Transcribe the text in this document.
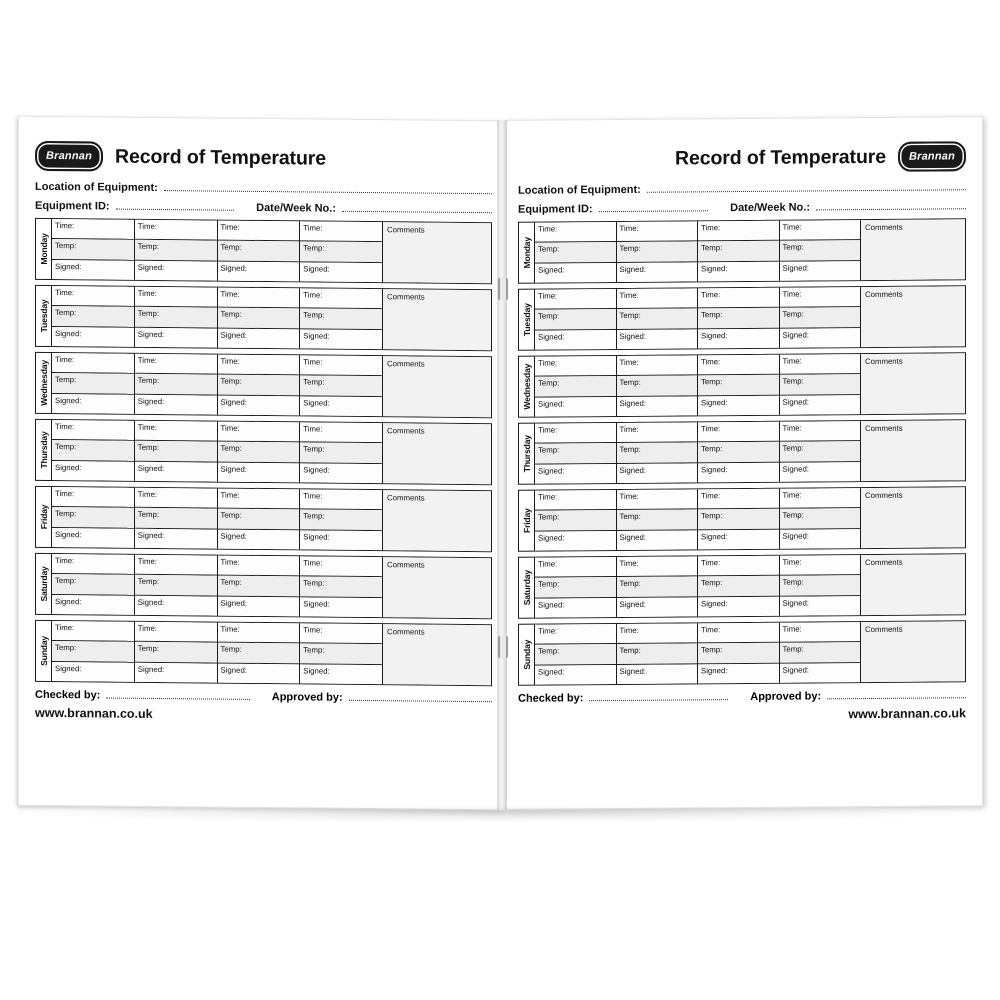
Brannan	Record of Temperature
Location of Equipment:
Equipment ID:	Date/Week No.:
Monday
Time:
Temp:
Signed:
Time:
Temp:
Signed:
Time:
Temp:
Signed:
Time:
Temp:
Signed:
Comments
Tuesday
Time:
Temp:
Signed:
Time:
Temp:
Signed:
Time:
Temp:
Signed:
Time:
Temp:
Signed:
Comments
Wednesday
Time:
Temp:
Signed:
Time:
Temp:
Signed:
Time:
Temp:
Signed:
Time:
Temp:
Signed:
Comments
Thursday
Time:
Temp:
Signed:
Time:
Temp:
Signed:
Time:
Temp:
Signed:
Time:
Temp:
Signed:
Comments
Friday
Time:
Temp:
Signed:
Time:
Temp:
Signed:
Time:
Temp:
Signed:
Time:
Temp:
Signed:
Comments
Saturday
Time:
Temp:
Signed:
Time:
Temp:
Signed:
Time:
Temp:
Signed:
Time:
Temp:
Signed:
Comments
Sunday
Time:
Temp:
Signed:
Time:
Temp:
Signed:
Time:
Temp:
Signed:
Time:
Temp:
Signed:
Comments
Checked by:	Approved by:
www.brannan.co.uk
Record of Temperature	Brannan
Location of Equipment:
Equipment ID:	Date/Week No.:
Monday
Time:
Temp:
Signed:
Time:
Temp:
Signed:
Time:
Temp:
Signed:
Time:
Temp:
Signed:
Comments
Tuesday
Time:
Temp:
Signed:
Time:
Temp:
Signed:
Time:
Temp:
Signed:
Time:
Temp:
Signed:
Comments
Wednesday
Time:
Temp:
Signed:
Time:
Temp:
Signed:
Time:
Temp:
Signed:
Time:
Temp:
Signed:
Comments
Thursday
Time:
Temp:
Signed:
Time:
Temp:
Signed:
Time:
Temp:
Signed:
Time:
Temp:
Signed:
Comments
Friday
Time:
Temp:
Signed:
Time:
Temp:
Signed:
Time:
Temp:
Signed:
Time:
Temp:
Signed:
Comments
Saturday
Time:
Temp:
Signed:
Time:
Temp:
Signed:
Time:
Temp:
Signed:
Time:
Temp:
Signed:
Comments
Sunday
Time:
Temp:
Signed:
Time:
Temp:
Signed:
Time:
Temp:
Signed:
Time:
Temp:
Signed:
Comments
Checked by:	Approved by:
www.brannan.co.uk
